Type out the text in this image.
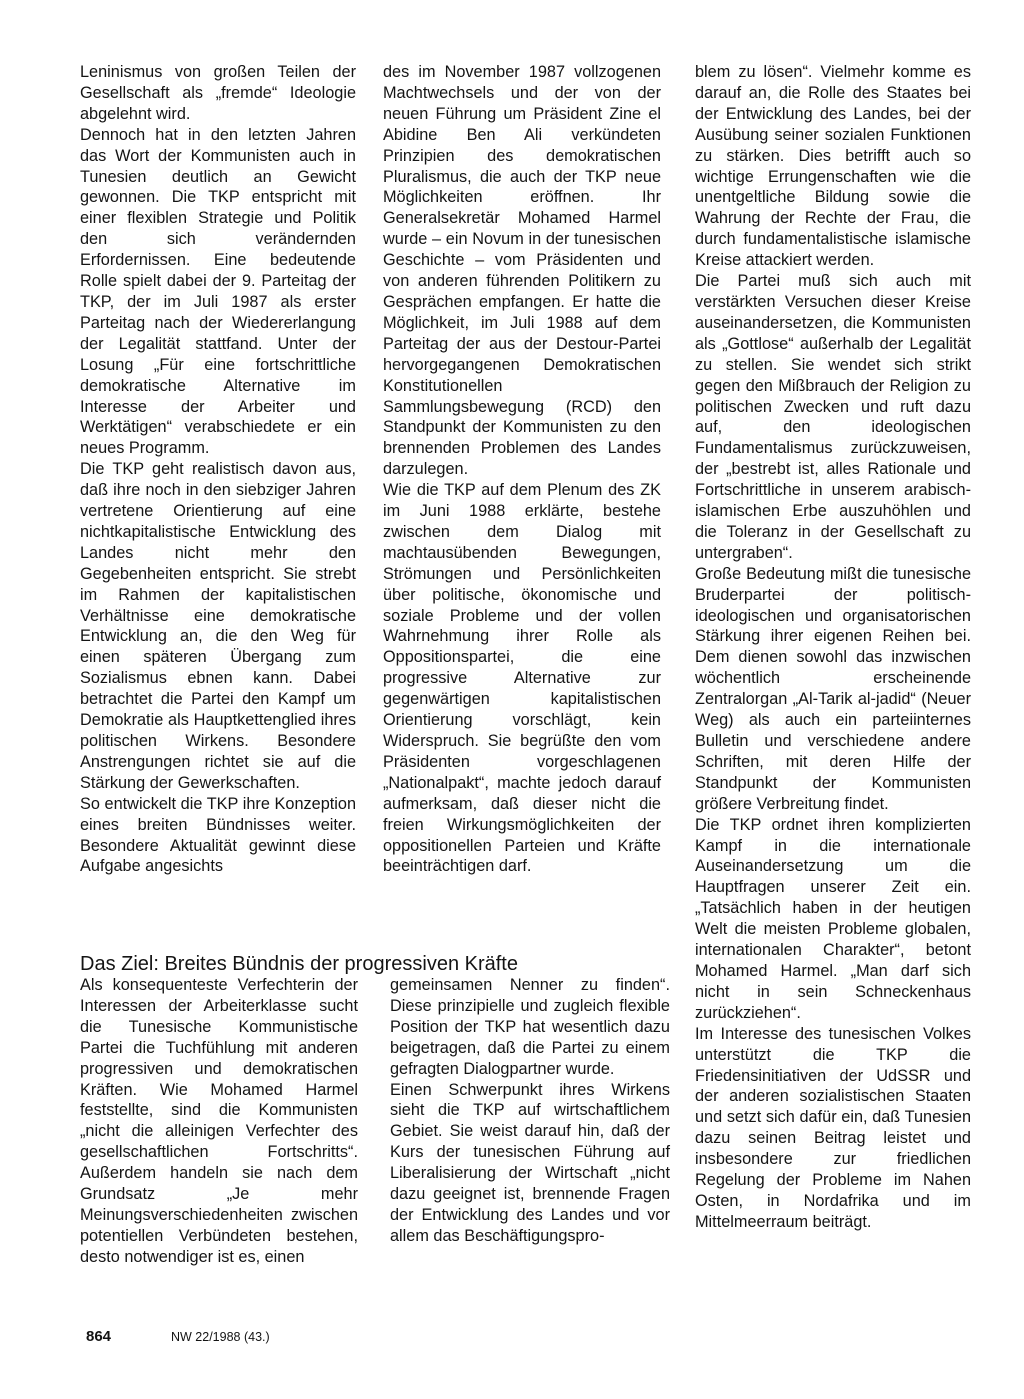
Leninismus von großen Teilen der Gesellschaft als „fremde“ Ideologie abgelehnt wird.

Dennoch hat in den letzten Jahren das Wort der Kommunisten auch in Tunesien deutlich an Gewicht gewonnen. Die TKP entspricht mit einer flexiblen Strategie und Politik den sich verändernden Erfordernissen. Eine bedeutende Rolle spielt dabei der 9. Parteitag der TKP, der im Juli 1987 als erster Parteitag nach der Wiedererlangung der Legalität stattfand. Unter der Losung „Für eine fortschrittliche demokratische Alternative im Interesse der Arbeiter und Werktätigen“ verabschiedete er ein neues Programm.

Die TKP geht realistisch davon aus, daß ihre noch in den siebziger Jahren vertretene Orientierung auf eine nichtkapitalistische Entwicklung des Landes nicht mehr den Gegebenheiten entspricht. Sie strebt im Rahmen der kapitalistischen Verhältnisse eine demokratische Entwicklung an, die den Weg für einen späteren Übergang zum Sozialismus ebnen kann. Dabei betrachtet die Partei den Kampf um Demokratie als Hauptkettenglied ihres politischen Wirkens. Besondere Anstrengungen richtet sie auf die Stärkung der Gewerkschaften.

So entwickelt die TKP ihre Konzeption eines breiten Bündnisses weiter. Besondere Aktualität gewinnt diese Aufgabe angesichts

des im November 1987 vollzogenen Machtwechsels und der von der neuen Führung um Präsident Zine el Abidine Ben Ali verkündeten Prinzipien des demokratischen Pluralismus, die auch der TKP neue Möglichkeiten eröffnen. Ihr Generalsekretär Mohamed Harmel wurde – ein Novum in der tunesischen Geschichte – vom Präsidenten und von anderen führenden Politikern zu Gesprächen empfangen. Er hatte die Möglichkeit, im Juli 1988 auf dem Parteitag der aus der Destour-Partei hervorgegangenen Demokratischen Konstitutionellen Sammlungsbewegung (RCD) den Standpunkt der Kommunisten zu den brennenden Problemen des Landes darzulegen.

Wie die TKP auf dem Plenum des ZK im Juni 1988 erklärte, bestehe zwischen dem Dialog mit machtausübenden Bewegungen, Strömungen und Persönlichkeiten über politische, ökonomische und soziale Probleme und der vollen Wahrnehmung ihrer Rolle als Oppositionspartei, die eine progressive Alternative zur gegenwärtigen kapitalistischen Orientierung vorschlägt, kein Widerspruch. Sie begrüßte den vom Präsidenten vorgeschlagenen „Nationalpakt“, machte jedoch darauf aufmerksam, daß dieser nicht die freien Wirkungsmöglichkeiten der oppositionellen Parteien und Kräfte beeinträchtigen darf.

blem zu lösen“. Vielmehr komme es darauf an, die Rolle des Staates bei der Entwicklung des Landes, bei der Ausübung seiner sozialen Funktionen zu stärken. Dies betrifft auch so wichtige Errungenschaften wie die unentgeltliche Bildung sowie die Wahrung der Rechte der Frau, die durch fundamentalistische islamische Kreise attackiert werden.

Die Partei muß sich auch mit verstärkten Versuchen dieser Kreise auseinandersetzen, die Kommunisten als „Gottlose“ außerhalb der Legalität zu stellen. Sie wendet sich strikt gegen den Mißbrauch der Religion zu politischen Zwecken und ruft dazu auf, den ideologischen Fundamentalismus zurückzuweisen, der „bestrebt ist, alles Rationale und Fortschrittliche in unserem arabisch-islamischen Erbe auszuhöhlen und die Toleranz in der Gesellschaft zu untergraben“.

Große Bedeutung mißt die tunesische Bruderpartei der politisch-ideologischen und organisatorischen Stärkung ihrer eigenen Reihen bei. Dem dienen sowohl das inzwischen wöchentlich erscheinende Zentralorgan „Al-Tarik al-jadid“ (Neuer Weg) als auch ein parteiinternes Bulletin und verschiedene andere Schriften, mit deren Hilfe der Standpunkt der Kommunisten größere Verbreitung findet.

Die TKP ordnet ihren komplizierten Kampf in die internationale Auseinandersetzung um die Hauptfragen unserer Zeit ein. „Tatsächlich haben in der heutigen Welt die meisten Probleme globalen, internationalen Charakter“, betont Mohamed Harmel. „Man darf sich nicht in sein Schneckenhaus zurückziehen“.

Im Interesse des tunesischen Volkes unterstützt die TKP die Friedensinitiativen der UdSSR und der anderen sozialistischen Staaten und setzt sich dafür ein, daß Tunesien dazu seinen Beitrag leistet und insbesondere zur friedlichen Regelung der Probleme im Nahen Osten, in Nordafrika und im Mittelmeerraum beiträgt.

Das Ziel: Breites Bündnis der progressiven Kräfte

Als konsequenteste Verfechterin der Interessen der Arbeiterklasse sucht die Tunesische Kommunistische Partei die Tuchfühlung mit anderen progressiven und demokratischen Kräften. Wie Mohamed Harmel feststellte, sind die Kommunisten „nicht die alleinigen Verfechter des gesellschaftlichen Fortschritts“. Außerdem handeln sie nach dem Grundsatz „Je mehr Meinungsverschiedenheiten zwischen potentiellen Verbündeten bestehen, desto notwendiger ist es, einen

gemeinsamen Nenner zu finden“. Diese prinzipielle und zugleich flexible Position der TKP hat wesentlich dazu beigetragen, daß die Partei zu einem gefragten Dialogpartner wurde.

Einen Schwerpunkt ihres Wirkens sieht die TKP auf wirtschaftlichem Gebiet. Sie weist darauf hin, daß der Kurs der tunesischen Führung auf Liberalisierung der Wirtschaft „nicht dazu geeignet ist, brennende Fragen der Entwicklung des Landes und vor allem das Beschäftigungspro-

864	NW 22/1988 (43.)
